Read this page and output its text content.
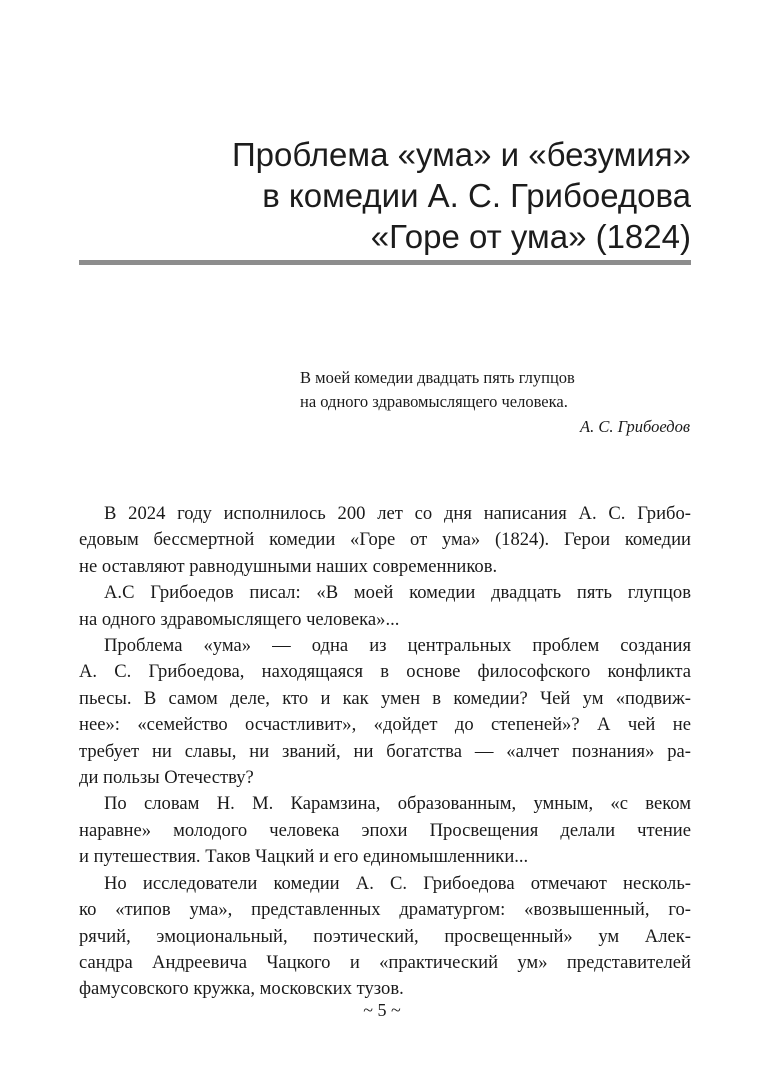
Проблема «ума» и «безумия»
в комедии А. С. Грибоедова
«Горе от ума» (1824)
В моей комедии двадцать пять глупцов
на одного здравомыслящего человека.
А. С. Грибоедов

В 2024 году исполнилось 200 лет со дня написания А. С. Грибо-
едовым бессмертной комедии «Горе от ума» (1824). Герои комедии
не оставляют равнодушными наших современников.

А.С Грибоедов писал: «В моей комедии двадцать пять глупцов
на одного здравомыслящего человека»...

Проблема «ума» — одна из центральных проблем создания
А. С. Грибоедова, находящаяся в основе философского конфликта
пьесы. В самом деле, кто и как умен в комедии? Чей ум «подвиж-
нее»: «семейство осчастливит», «дойдет до степеней»? А чей не
требует ни славы, ни званий, ни богатства — «алчет познания» ра-
ди пользы Отечеству?

По словам Н. М. Карамзина, образованным, умным, «с веком
наравне» молодого человека эпохи Просвещения делали чтение
и путешествия. Таков Чацкий и его единомышленники...

Но исследователи комедии А. С. Грибоедова отмечают несколь-
ко «типов ума», представленных драматургом: «возвышенный, го-
рячий, эмоциональный, поэтический, просвещенный» ум Алек-
сандра Андреевича Чацкого и «практический ум» представителей
фамусовского кружка, московских тузов.

~ 5 ~
